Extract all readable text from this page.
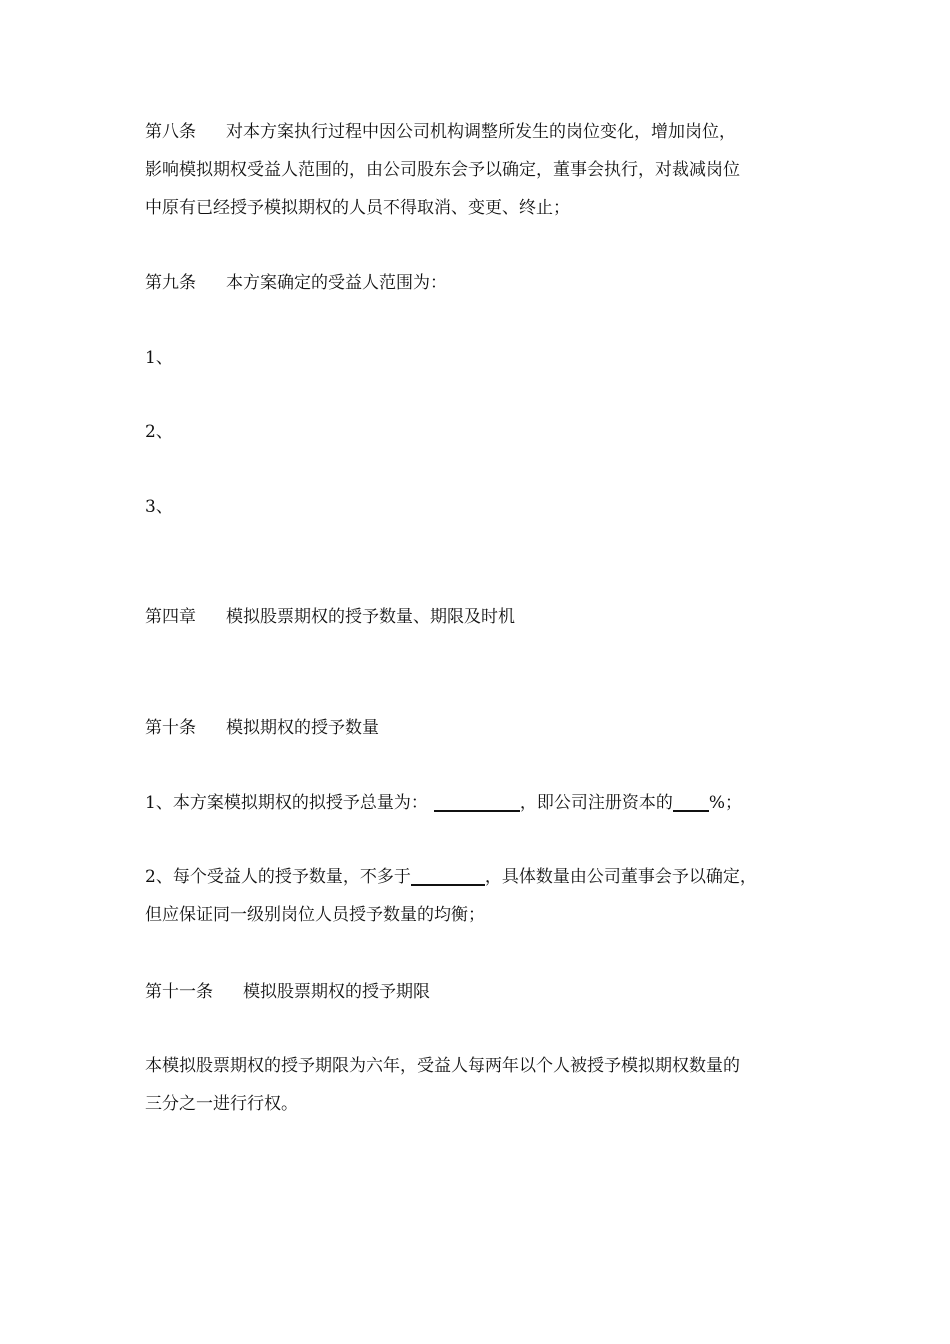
第八条 对本方案执行过程中因公司机构调整所发生的岗位变化，增加岗位，
影响模拟期权受益人范围的，由公司股东会予以确定，董事会执行，对裁减岗位
中原有已经授予模拟期权的人员不得取消、变更、终止；
第九条 本方案确定的受益人范围为：
1、
2、
3、
第四章 模拟股票期权的授予数量、期限及时机
第十条 模拟期权的授予数量
1、本方案模拟期权的拟授予总量为：	，即公司注册资本的 %；
2、每个受益人的授予数量，不多于	，具体数量由公司董事会予以确定，
但应保证同一级别岗位人员授予数量的均衡；
第十一条 模拟股票期权的授予期限
本模拟股票期权的授予期限为六年，受益人每两年以个人被授予模拟期权数量的
三分之一进行行权。
